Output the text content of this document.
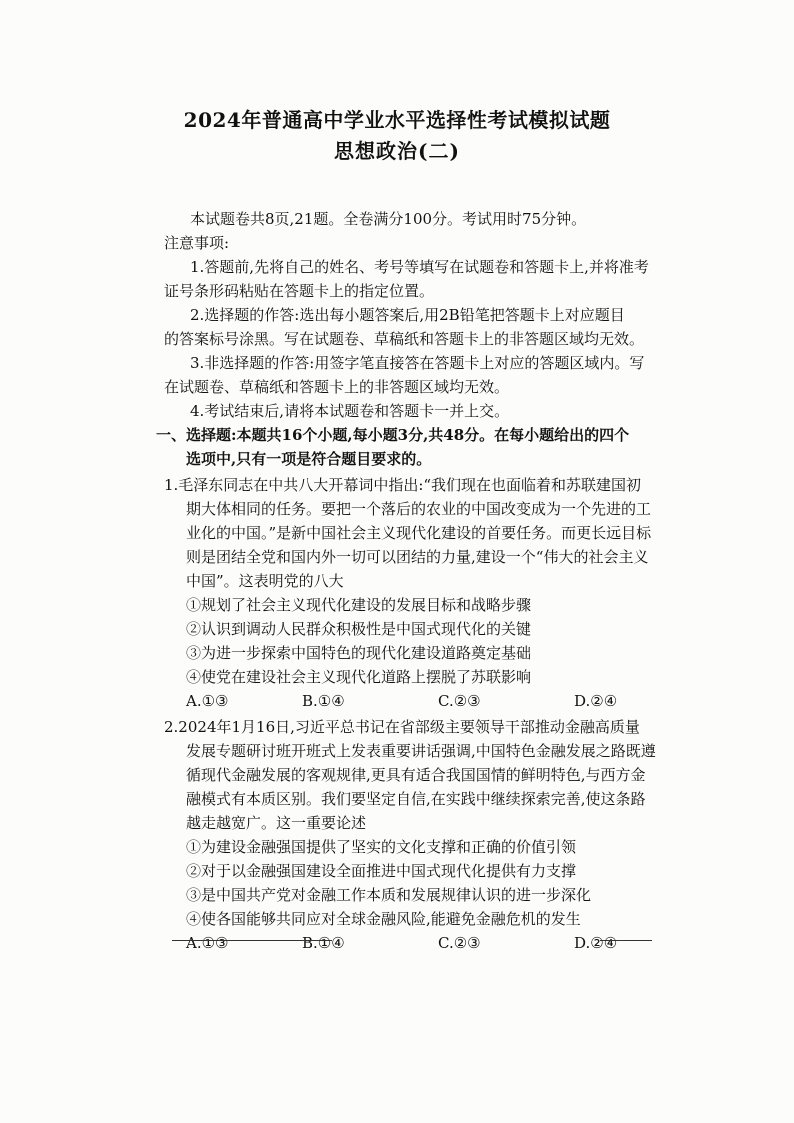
2024年普通高中学业水平选择性考试模拟试题
思想政治(二)
本试题卷共8页,21题。全卷满分100分。考试用时75分钟。
注意事项:
1.答题前,先将自己的姓名、考号等填写在试题卷和答题卡上,并将准考
证号条形码粘贴在答题卡上的指定位置。
2.选择题的作答:选出每小题答案后,用2B铅笔把答题卡上对应题目
的答案标号涂黑。写在试题卷、草稿纸和答题卡上的非答题区域均无效。
3.非选择题的作答:用签字笔直接答在答题卡上对应的答题区域内。写
在试题卷、草稿纸和答题卡上的非答题区域均无效。
4.考试结束后,请将本试题卷和答题卡一并上交。
一、选择题:本题共16个小题,每小题3分,共48分。在每小题给出的四个
选项中,只有一项是符合题目要求的。
1.毛泽东同志在中共八大开幕词中指出:“我们现在也面临着和苏联建国初
期大体相同的任务。要把一个落后的农业的中国改变成为一个先进的工
业化的中国。”是新中国社会主义现代化建设的首要任务。而更长远目标
则是团结全党和国内外一切可以团结的力量,建设一个“伟大的社会主义
中国”。这表明党的八大
①规划了社会主义现代化建设的发展目标和战略步骤
②认识到调动人民群众积极性是中国式现代化的关键
③为进一步探索中国特色的现代化建设道路奠定基础
④使党在建设社会主义现代化道路上摆脱了苏联影响
A.①③	B.①④	C.②③	D.②④
2.2024年1月16日,习近平总书记在省部级主要领导干部推动金融高质量
发展专题研讨班开班式上发表重要讲话强调,中国特色金融发展之路既遵
循现代金融发展的客观规律,更具有适合我国国情的鲜明特色,与西方金
融模式有本质区别。我们要坚定自信,在实践中继续探索完善,使这条路
越走越宽广。这一重要论述
①为建设金融强国提供了坚实的文化支撑和正确的价值引领
②对于以金融强国建设全面推进中国式现代化提供有力支撑
③是中国共产党对金融工作本质和发展规律认识的进一步深化
④使各国能够共同应对全球金融风险,能避免金融危机的发生
A.①③	B.①④	C.②③	D.②④
